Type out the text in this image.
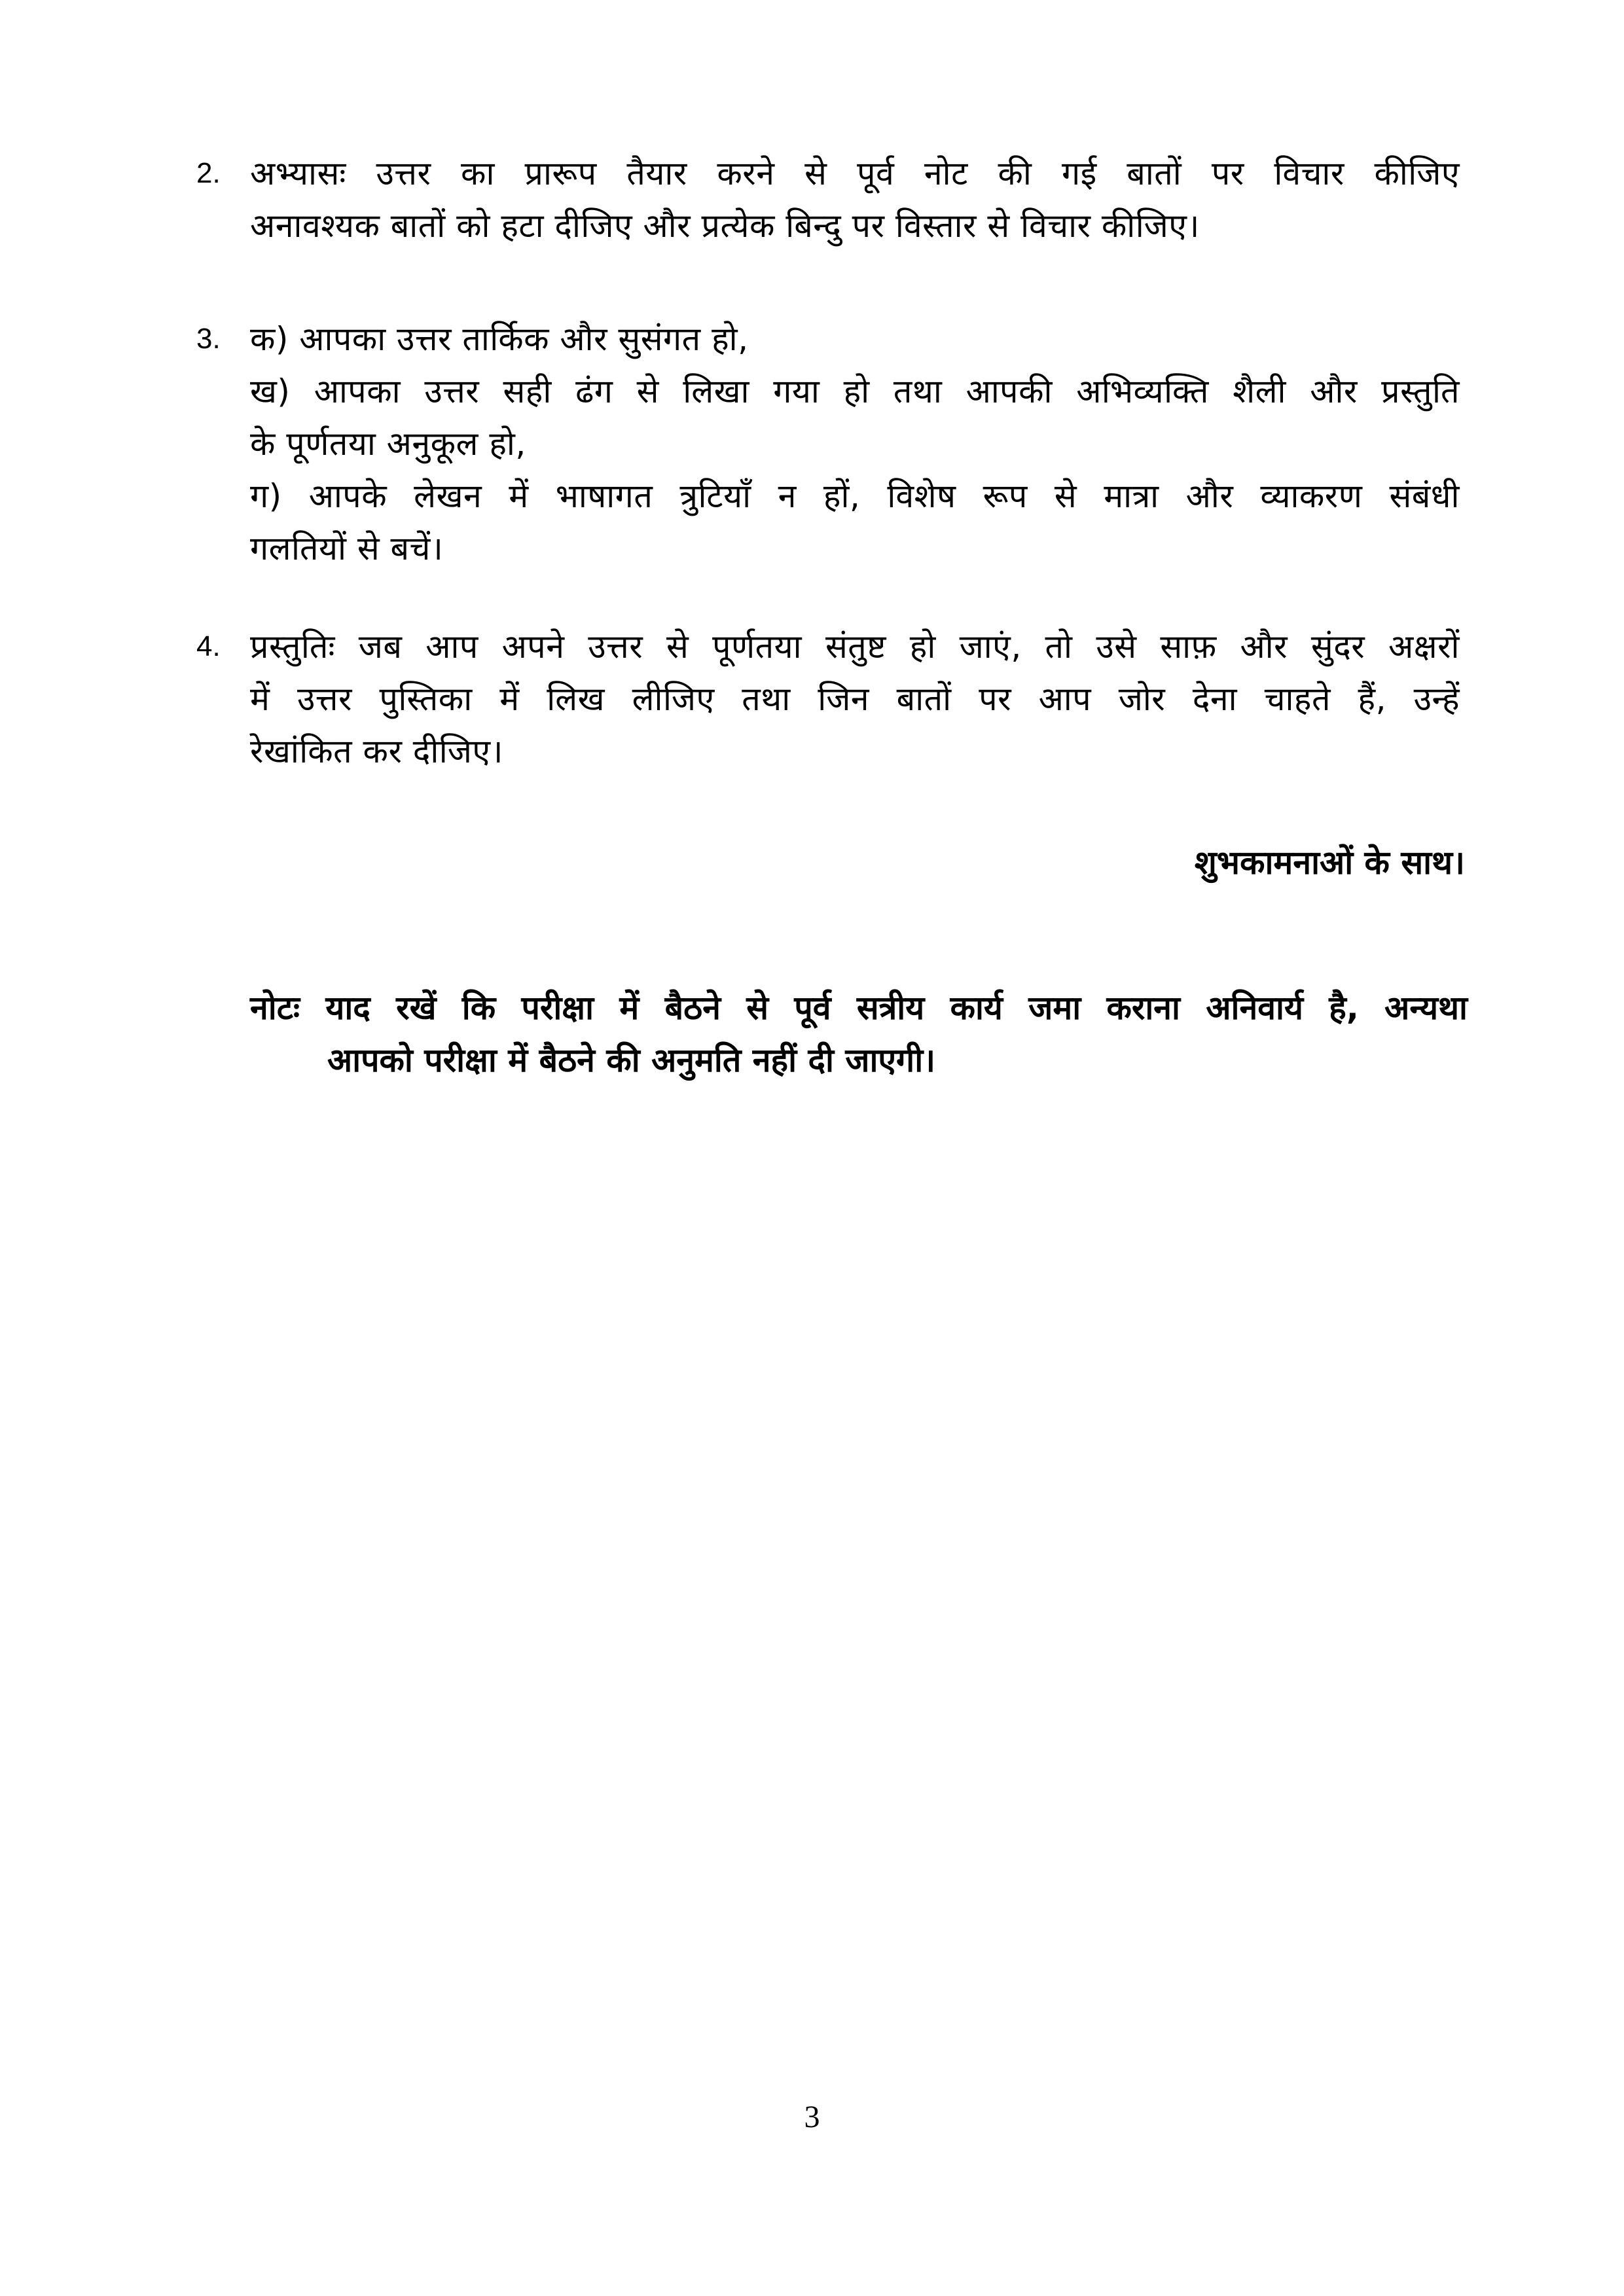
2. अभ्यासः उत्तर का प्रारूप तैयार करने से पूर्व नोट की गई बातों पर विचार कीजिए
अनावश्यक बातों को हटा दीजिए और प्रत्येक बिन्दु पर विस्तार से विचार कीजिए।
3. क) आपका उत्तर तार्किक और सुसंगत हो,
ख) आपका उत्तर सही ढंग से लिखा गया हो तथा आपकी अभिव्यक्ति शैली और प्रस्तुति
के पूर्णतया अनुकूल हो,
ग) आपके लेखन में भाषागत त्रुटियाँ न हों, विशेष रूप से मात्रा और व्याकरण संबंधी
गलतियों से बचें।
4. प्रस्तुतिः जब आप अपने उत्तर से पूर्णतया संतुष्ट हो जाएं, तो उसे साफ़ और सुंदर अक्षरों
में उत्तर पुस्तिका में लिख लीजिए तथा जिन बातों पर आप जोर देना चाहते हैं, उन्हें
रेखांकित कर दीजिए।
शुभकामनाओं के साथ।
नोटः याद रखें कि परीक्षा में बैठने से पूर्व सत्रीय कार्य जमा कराना अनिवार्य है, अन्यथा
आपको परीक्षा में बैठने की अनुमति नहीं दी जाएगी।
3
